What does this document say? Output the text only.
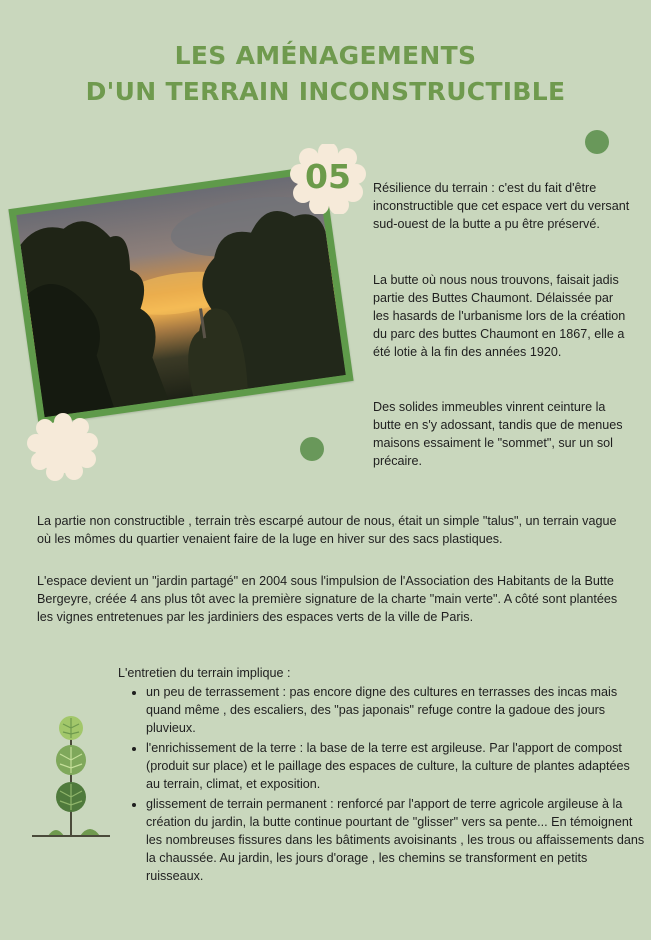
LES AMÉNAGEMENTS
D'UN TERRAIN INCONSTRUCTIBLE
05	Résilience du terrain : c'est du fait d'être inconstructible que cet espace vert du versant sud-ouest de la butte a pu être préservé.
La butte où nous nous trouvons, faisait jadis partie des Buttes Chaumont. Délaissée par les hasards de l'urbanisme lors de la création du parc des buttes Chaumont en 1867, elle a été lotie à la fin des années 1920.
Des solides immeubles vinrent ceinture la butte en s'y adossant, tandis que de menues maisons essaiment le "sommet", sur un sol précaire.
La partie non constructible , terrain très escarpé autour de nous, était un simple "talus", un terrain vague où les mômes du quartier venaient faire de la luge en hiver sur des sacs plastiques.
L'espace devient un "jardin partagé" en 2004 sous l'impulsion de l'Association des Habitants de la Butte Bergeyre, créée 4 ans plus tôt avec la première signature de la charte "main verte". A côté sont plantées les vignes entretenues par les jardiniers des espaces verts de la ville de Paris.
L'entretien du terrain implique :
• un peu de terrassement : pas encore digne des cultures en terrasses des incas mais quand même , des escaliers, des "pas japonais" refuge contre la gadoue des jours pluvieux.
• l'enrichissement de la terre : la base de la terre est argileuse. Par l'apport de compost (produit sur place) et le paillage des espaces de culture, la culture de plantes adaptées au terrain, climat, et exposition.
• glissement de terrain permanent : renforcé par l'apport de terre agricole argileuse à la création du jardin, la butte continue pourtant de "glisser" vers sa pente... En témoignent les nombreuses fissures dans les bâtiments avoisinants , les trous ou affaissements dans la chaussée. Au jardin, les jours d'orage , les chemins se transforment en petits ruisseaux.
